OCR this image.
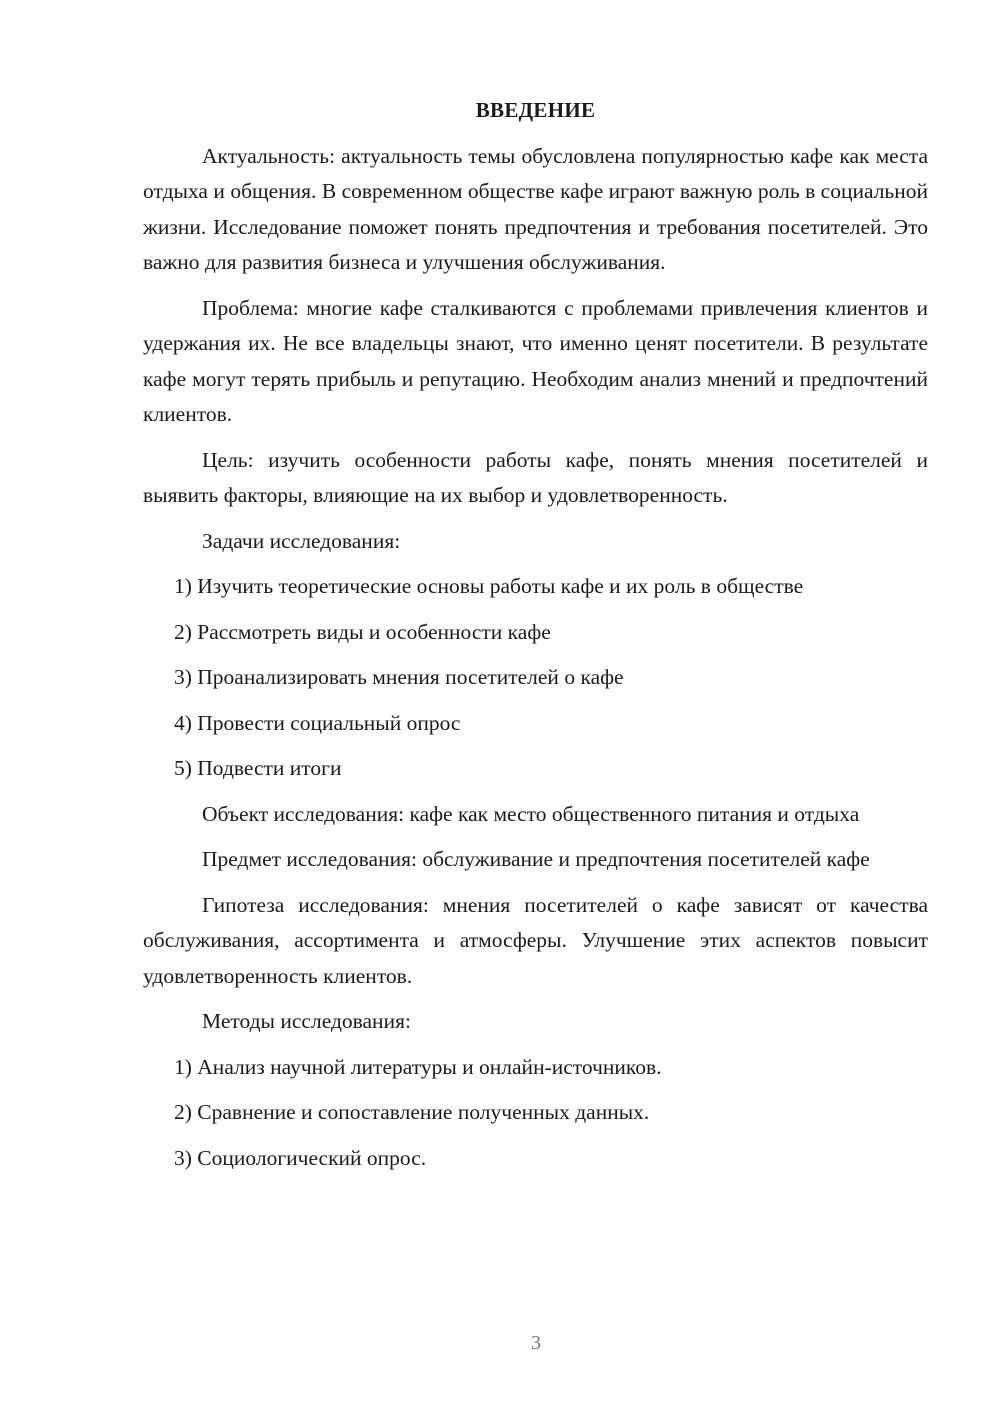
ВВЕДЕНИЕ
Актуальность: актуальность темы обусловлена популярностью кафе как места отдыха и общения. В современном обществе кафе играют важную роль в социальной жизни. Исследование поможет понять предпочтения и требования посетителей. Это важно для развития бизнеса и улучшения обслуживания.
Проблема: многие кафе сталкиваются с проблемами привлечения клиентов и удержания их. Не все владельцы знают, что именно ценят посетители. В результате кафе могут терять прибыль и репутацию. Необходим анализ мнений и предпочтений клиентов.
Цель: изучить особенности работы кафе, понять мнения посетителей и выявить факторы, влияющие на их выбор и удовлетворенность.
Задачи исследования:
1) Изучить теоретические основы работы кафе и их роль в обществе
2) Рассмотреть виды и особенности кафе
3) Проанализировать мнения посетителей о кафе
4) Провести социальный опрос
5) Подвести итоги
Объект исследования: кафе как место общественного питания и отдыха
Предмет исследования: обслуживание и предпочтения посетителей кафе
Гипотеза исследования: мнения посетителей о кафе зависят от качества обслуживания, ассортимента и атмосферы. Улучшение этих аспектов повысит удовлетворенность клиентов.
Методы исследования:
1) Анализ научной литературы и онлайн-источников.
2) Сравнение и сопоставление полученных данных.
3) Социологический опрос.
3
